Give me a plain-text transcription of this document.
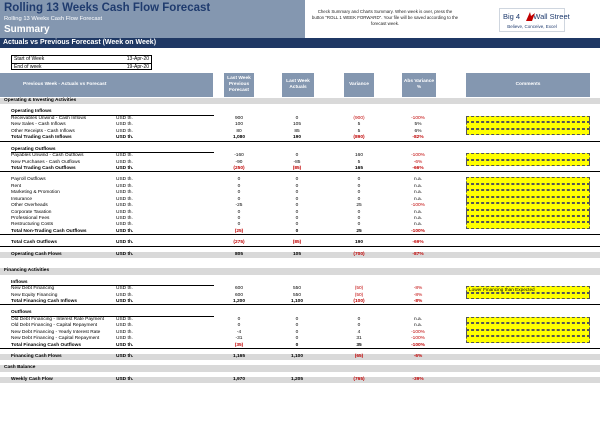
Rolling 13 Weeks Cash Flow Forecast
Rolling 13 Weeks Cash Flow Forecast
Summary
Check Summary and Charts Summary. When week is over, press the button "ROLL 1 WEEK FORWARD". Your file will be saved according to the forecast week.
Big 4 Wall Street
Believe, Conceive, Excel
Actuals vs Previous Forecast (Week on Week)
Start of Week	13-Apr-20
End of week	19-Apr-20
Previous Week - Actuals vs Forecast
Last Week Previous Forecast
Last Week Actuals
Variance
Abs Variance %
Comments
Operating & Investing Activities
Operating Inflows
Receivables Unwind - Cash Inflows	USD th.	900	0	(900)	-100%
New Sales - Cash Inflows	USD th.	100	105	5	5%
Other Receipts - Cash Inflows	USD th.	80	85	5	6%
Total Trading Cash Inflows	USD th.	1,080	190	(890)	-82%
Operating Outflows
Payables Unwind - Cash Outflows	USD th.	-160	0	160	-100%
New Purchases - Cash Outflows	USD th.	-90	-85	5	-6%
Total Trading Cash Outflows	USD th.	(250)	(85)	165	-66%
Payroll Outflows	USD th.	0	0	0	n.a.
Rent	USD th.	0	0	0	n.a.
Marketing & Promotion	USD th.	0	0	0	n.a.
Insurance	USD th.	0	0	0	n.a.
Other Overheads	USD th.	-25	0	25	-100%
Corporate Taxation	USD th.	0	0	0	n.a.
Professional Fees	USD th.	0	0	0	n.a.
Restructuring Costs	USD th.	0	0	0	n.a.
Total Non-Trading Cash Outflows	USD th.	(25)	0	25	-100%
Total Cash Outflows	USD th.	(275)	(85)	190	-69%
Operating Cash Flows	USD th.	805	105	(700)	-87%
Financing Activities
Inflows
New Debt Financing	USD th.	600	550	(50)	-8%	Lower Financing than Expected
New Equity Financing	USD th.	600	550	(50)	-8%
Total Financing Cash Inflows	USD th.	1,200	1,100	(100)	-8%
Outflows
Old Debt Financing - Interest Rate Payment USD th.	0	0	0	n.a.
Old Debt Financing - Capital Repayment	USD th.	0	0	0	n.a.
New Debt Financing - Yearly Interest Rate	USD th.	-4	0	4	-100%
New Debt Financing - Capital Repayment	USD th.	-31	0	31	-100%
Total Financing Cash Outflows	USD th.	(35)	0	35	-100%
Financing Cash Flows	USD th.	1,165	1,100	(65)	-6%
Cash Balance
Weekly Cash Flow	USD th.	1,970	1,205	(765)	-39%
